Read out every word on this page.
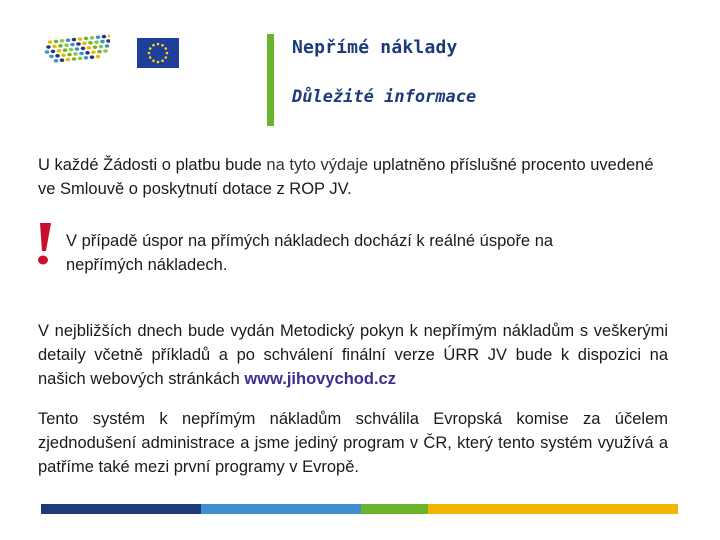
Nepřímé náklady
Důležité informace

U každé Žádosti o platbu bude na tyto výdaje uplatněno příslušné procento uvedené ve Smlouvě o poskytnutí dotace z ROP JV.

V případě úspor na přímých nákladech dochází k reálné úspoře na nepřímých nákladech.

V nejbližších dnech bude vydán Metodický pokyn k nepřímým nákladům s veškerými detaily včetně příkladů a po schválení finální verze ÚRR JV bude k dispozici na našich webových stránkách www.jihovychod.cz

Tento systém k nepřímým nákladům schválila Evropská komise za účelem zjednodušení administrace a jsme jediný program v ČR, který tento systém využívá a patříme také mezi první programy v Evropě.
